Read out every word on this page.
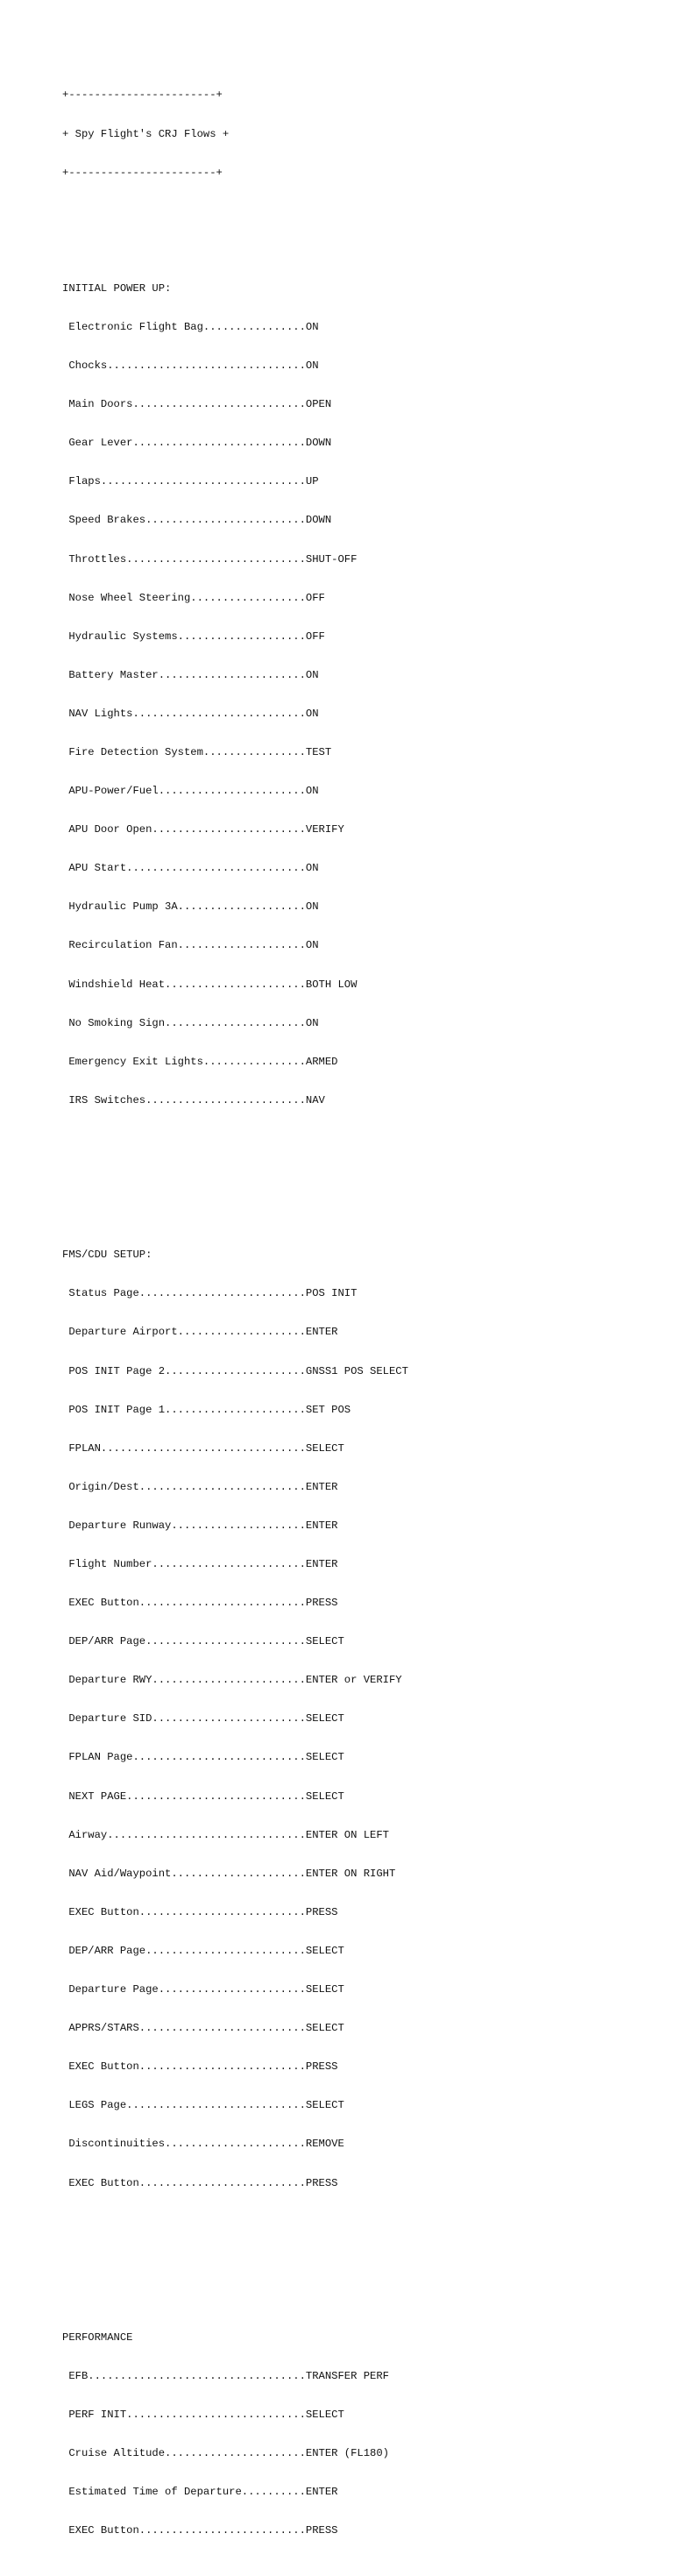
+-----------------------+

+ Spy Flight's CRJ Flows +

+-----------------------+

INITIAL POWER UP:

Electronic Flight Bag................ON

Chocks...............................ON

Main Doors...........................OPEN

Gear Lever...........................DOWN

Flaps................................UP

Speed Brakes.........................DOWN

Throttles............................SHUT-OFF

Nose Wheel Steering..................OFF

Hydraulic Systems....................OFF

Battery Master.......................ON

NAV Lights...........................ON

Fire Detection System................TEST

APU-Power/Fuel.......................ON

APU Door Open........................VERIFY

APU Start............................ON

Hydraulic Pump 3A....................ON

Recirculation Fan....................ON

Windshield Heat......................BOTH LOW

No Smoking Sign......................ON

Emergency Exit Lights................ARMED

IRS Switches.........................NAV

FMS/CDU SETUP:

Status Page..........................POS INIT

Departure Airport....................ENTER

POS INIT Page 2......................GNSS1 POS SELECT

POS INIT Page 1......................SET POS

FPLAN................................SELECT

Origin/Dest..........................ENTER

Departure Runway.....................ENTER

Flight Number........................ENTER

EXEC Button..........................PRESS

DEP/ARR Page.........................SELECT

Departure RWY........................ENTER or VERIFY

Departure SID........................SELECT

FPLAN Page...........................SELECT

NEXT PAGE............................SELECT

Airway...............................ENTER ON LEFT

NAV Aid/Waypoint.....................ENTER ON RIGHT

EXEC Button..........................PRESS

DEP/ARR Page.........................SELECT

Departure Page.......................SELECT

APPRS/STARS..........................SELECT

EXEC Button..........................PRESS

LEGS Page............................SELECT

Discontinuities......................REMOVE

EXEC Button..........................PRESS

PERFORMANCE

EFB..................................TRANSFER PERF

PERF INIT............................SELECT

Cruise Altitude......................ENTER (FL180)

Estimated Time of Departure..........ENTER

EXEC Button..........................PRESS
